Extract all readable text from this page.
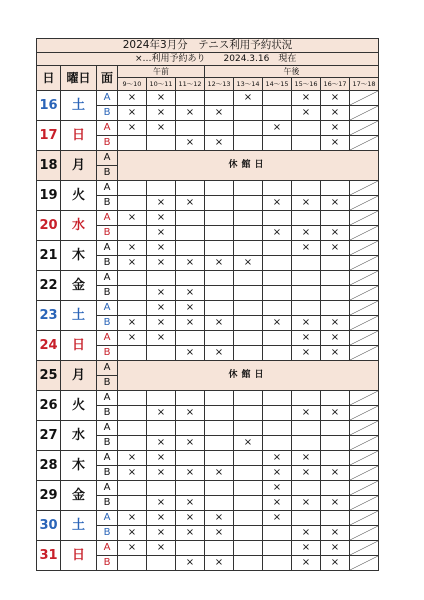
2024年3月分　テニス利用予約状況											
×…利用予約あり　　2024.3.16　現在											
日	曜日	面	午前			午後					
			9～10	10～11	11～12	12～13	13～14	14～15	15～16	16～17	17～18

16	土	A	×	×			×		×	×	

		B	×	×	×	×			×	×	

17	日	A	×	×				×		×	

		B			×	×				×	

18	月	A	休館日								
		B									
19	火	A									

		B		×	×			×	×	×	

20	水	A	×	×							

		B		×				×	×	×	

21	木	A	×	×					×	×	

		B	×	×	×	×	×				

22	金	A									

		B		×	×						

23	土	A		×	×						

		B	×	×	×	×		×	×	×	

24	日	A	×	×					×	×	

		B			×	×			×	×	

25	月	A	休館日								
		B									
26	火	A									

		B		×	×				×	×	

27	水	A									

		B		×	×		×				

28	木	A	×	×				×	×		

		B	×	×	×	×		×	×	×	

29	金	A						×			

		B		×	×			×	×	×	

30	土	A	×	×	×	×		×			

		B	×	×	×	×			×	×	

31	日	A	×	×					×	×	

		B			×	×			×	×	
